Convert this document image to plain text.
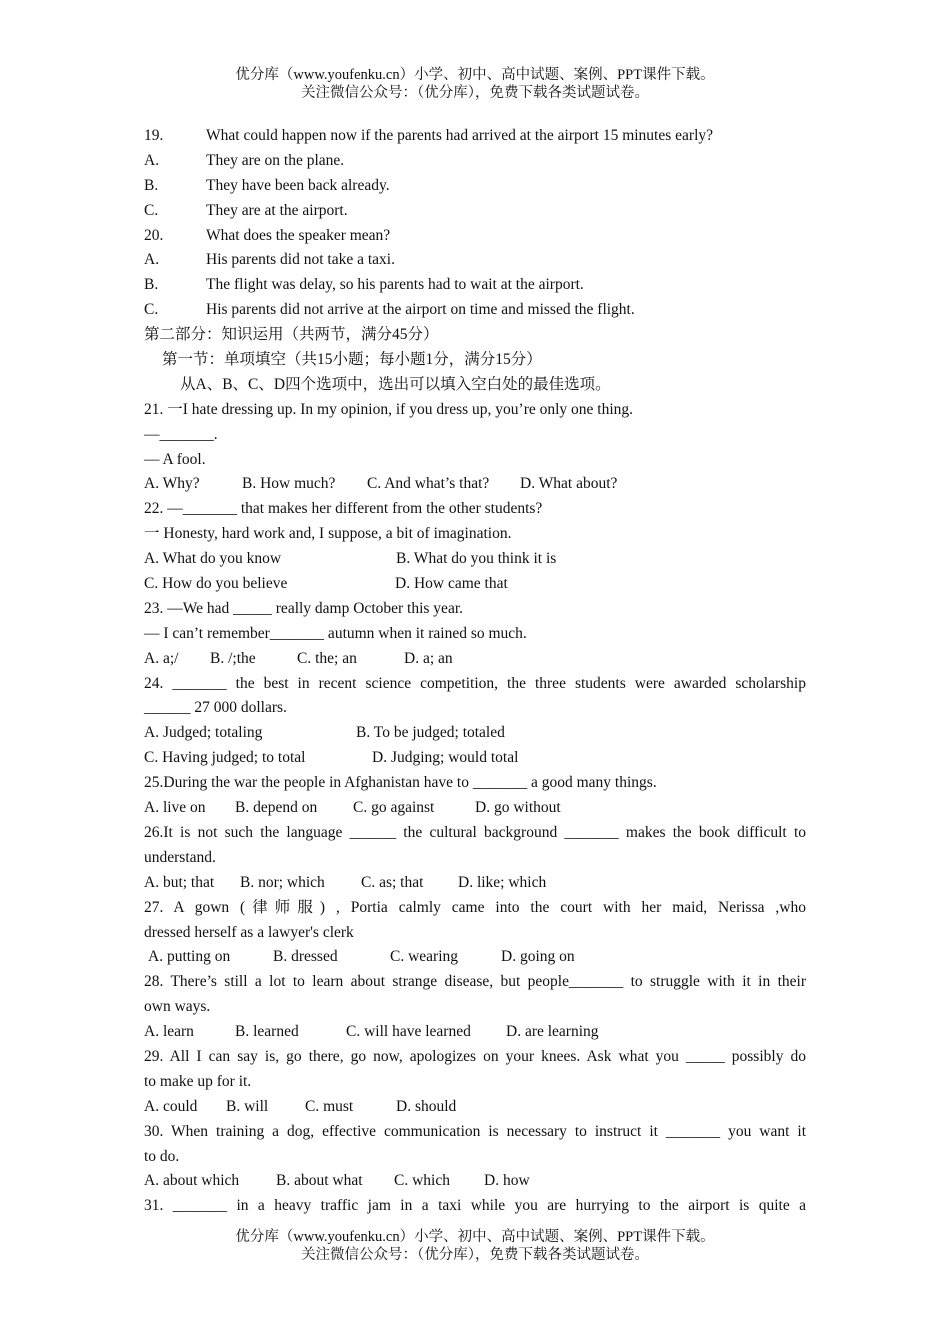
优分库（www.youfenku.cn）小学、初中、高中试题、案例、PPT课件下载。
关注微信公众号：（优分库），免费下载各类试题试卷。
19.	What could happen now if the parents had arrived at the airport 15 minutes early?
A.	They are on the plane.
B.	They have been back already.
C.	They are at the airport.
20.	What does the speaker mean?
A.	His parents did not take a taxi.
B.	The flight was delay, so his parents had to wait at the airport.
C.	His parents did not arrive at the airport on time and missed the flight.
第二部分：知识运用（共两节，满分45分）
第一节：单项填空（共15小题；每小题1分，满分15分）
从A、B、C、D四个选项中，选出可以填入空白处的最佳选项。
21. 一I hate dressing up. In my opinion, if you dress up, you’re only one thing.
—_______.
— A fool.
A. Why?	B. How much? C. And what’s that? D. What about?
22. —_______ that makes her different from the other students?
一 Honesty, hard work and, I suppose, a bit of imagination.
A. What do you know	B. What do you think it is
C. How do you believe	D. How came that
23. —We had _____ really damp October this year.
— I can’t remember_______ autumn when it rained so much.
A. a;/ B. /;the	C. the; an	D. a; an
24. _______ the best in recent science competition, the three students were awarded scholarship
______ 27 000 dollars.
A. Judged; totaling	B. To be judged; totaled
C. Having judged; to total	D. Judging; would total
25.During the war the people in Afghanistan have to _______ a good many things.
A. live on B. depend on C. go against	D. go without
26.It is not such the language ______ the cultural background _______ makes the book difficult to
understand.
A. but; that B. nor; which C. as; that D. like; which
27. A gown (律师服) , Portia calmly came into the court with her maid, Nerissa ,who
dressed herself as a lawyer's clerk
A. putting on	B. dressed	C. wearing	D. going on
28. There’s still a lot to learn about strange disease, but people_______ to struggle with it in their
own ways.
A. learn	B. learned	C. will have learned D. are learning
29. All I can say is, go there, go now, apologizes on your knees. Ask what you _____ possibly do
to make up for it.
A. could B. will C. must	D. should
30. When training a dog, effective communication is necessary to instruct it _______ you want it
to do.
A. about which B. about what C. which D. how
31. _______ in a heavy traffic jam in a taxi while you are hurrying to the airport is quite a
优分库（www.youfenku.cn）小学、初中、高中试题、案例、PPT课件下载。
关注微信公众号：（优分库），免费下载各类试题试卷。
